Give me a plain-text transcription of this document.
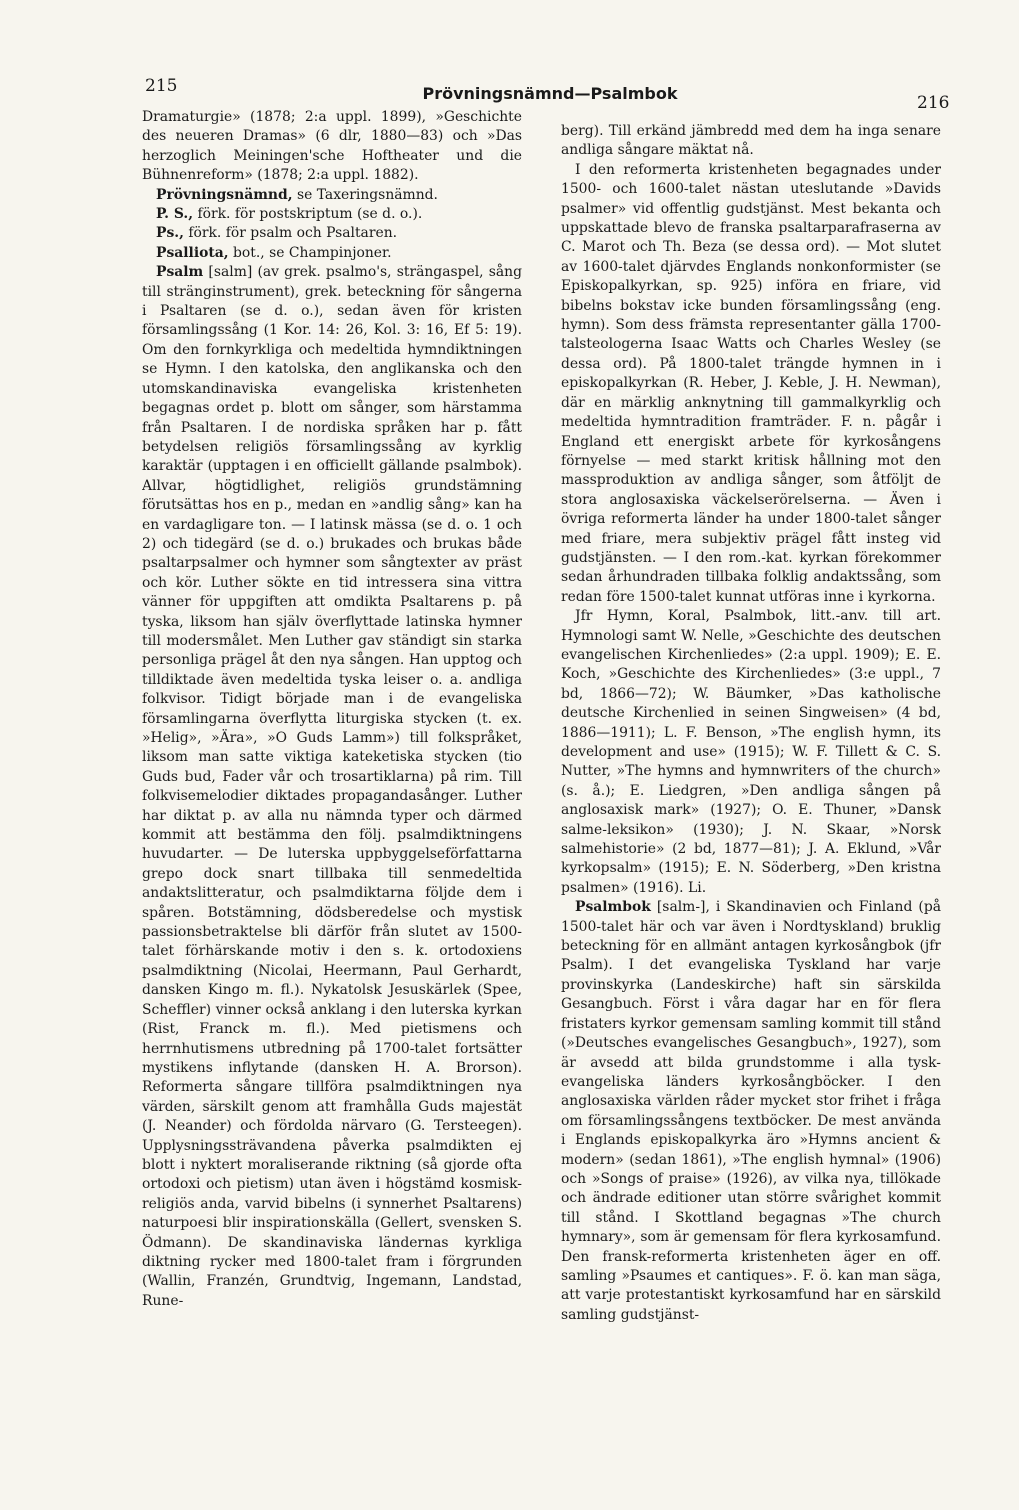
215	Prövningsnämnd—Psalmbok	216

Dramaturgie» (1878; 2:a uppl. 1899), »Geschichte des neueren Dramas» (6 dlr, 1880—83) och »Das herzoglich Meiningen'sche Hoftheater und die Bühnenreform» (1878; 2:a uppl. 1882).

Prövningsnämnd, se Taxeringsnämnd.

P. S., förk. för postskriptum (se d. o.).

Ps., förk. för psalm och Psaltaren.

Psalliota, bot., se Champinjoner.

Psalm [salm] (av grek. psalmo's, strängaspel, sång till stränginstrument), grek. beteckning för sångerna i Psaltaren (se d. o.), sedan även för kristen församlingssång (1 Kor. 14: 26, Kol. 3: 16, Ef 5: 19). Om den fornkyrkliga och medeltida hymndiktningen se Hymn. I den katolska, den anglikanska och den utomskandinaviska evangeliska kristenheten begagnas ordet p. blott om sånger, som härstamma från Psaltaren. I de nordiska språken har p. fått betydelsen religiös församlingssång av kyrklig karaktär (upptagen i en officiellt gällande psalmbok). Allvar, högtidlighet, religiös grundstämning förutsättas hos en p., medan en »andlig sång» kan ha en vardagligare ton. — I latinsk mässa (se d. o. 1 och 2) och tidegärd (se d. o.) brukades och brukas både psaltarpsalmer och hymner som sångtexter av präst och kör. Luther sökte en tid intressera sina vittra vänner för uppgiften att omdikta Psaltarens p. på tyska, liksom han själv överflyttade latinska hymner till modersmålet. Men Luther gav ständigt sin starka personliga prägel åt den nya sången. Han upptog och tilldiktade även medeltida tyska leiser o. a. andliga folkvisor. Tidigt började man i de evangeliska församlingarna överflytta liturgiska stycken (t. ex. »Helig», »Ära», »O Guds Lamm») till folkspråket, liksom man satte viktiga kateketiska stycken (tio Guds bud, Fader vår och trosartiklarna) på rim. Till folkvisemelodier diktades propagandasånger. Luther har diktat p. av alla nu nämnda typer och därmed kommit att bestämma den följ. psalmdiktningens huvudarter. — De luterska uppbyggelseförfattarna grepo dock snart tillbaka till senmedeltida andaktslitteratur, och psalmdiktarna följde dem i spåren. Botstämning, dödsberedelse och mystisk passionsbetraktelse bli därför från slutet av 1500-talet förhärskande motiv i den s. k. ortodoxiens psalmdiktning (Nicolai, Heermann, Paul Gerhardt, dansken Kingo m. fl.). Nykatolsk Jesuskärlek (Spee, Scheffler) vinner också anklang i den luterska kyrkan (Rist, Franck m. fl.). Med pietismens och herrnhutismens utbredning på 1700-talet fortsätter mystikens inflytande (dansken H. A. Brorson). Reformerta sångare tillföra psalmdiktningen nya värden, särskilt genom att framhålla Guds majestät (J. Neander) och fördolda närvaro (G. Tersteegen). Upplysningssträvandena påverka psalmdikten ej blott i nyktert moraliserande riktning (så gjorde ofta ortodoxi och pietism) utan även i högstämd kosmisk-religiös anda, varvid bibelns (i synnerhet Psaltarens) naturpoesi blir inspirationskälla (Gellert, svensken S. Ödmann). De skandinaviska ländernas kyrkliga diktning rycker med 1800-talet fram i förgrunden (Wallin, Franzén, Grundtvig, Ingemann, Landstad, Rune-

berg). Till erkänd jämbredd med dem ha inga senare andliga sångare mäktat nå.

I den reformerta kristenheten begagnades under 1500- och 1600-talet nästan uteslutande »Davids psalmer» vid offentlig gudstjänst. Mest bekanta och uppskattade blevo de franska psaltarparafraserna av C. Marot och Th. Beza (se dessa ord). — Mot slutet av 1600-talet djärvdes Englands nonkonformister (se Episkopalkyrkan, sp. 925) införa en friare, vid bibelns bokstav icke bunden församlingssång (eng. hymn). Som dess främsta representanter gälla 1700-talsteologerna Isaac Watts och Charles Wesley (se dessa ord). På 1800-talet trängde hymnen in i episkopalkyrkan (R. Heber, J. Keble, J. H. Newman), där en märklig anknytning till gammalkyrklig och medeltida hymntradition framträder. F. n. pågår i England ett energiskt arbete för kyrkosångens förnyelse — med starkt kritisk hållning mot den massproduktion av andliga sånger, som åtföljt de stora anglosaxiska väckelserörelserna. — Även i övriga reformerta länder ha under 1800-talet sånger med friare, mera subjektiv prägel fått insteg vid gudstjänsten. — I den rom.-kat. kyrkan förekommer sedan århundraden tillbaka folklig andaktssång, som redan före 1500-talet kunnat utföras inne i kyrkorna.

Jfr Hymn, Koral, Psalmbok, litt.-anv. till art. Hymnologi samt W. Nelle, »Geschichte des deutschen evangelischen Kirchenliedes» (2:a uppl. 1909); E. E. Koch, »Geschichte des Kirchenliedes» (3:e uppl., 7 bd, 1866—72); W. Bäumker, »Das katholische deutsche Kirchenlied in seinen Singweisen» (4 bd, 1886—1911); L. F. Benson, »The english hymn, its development and use» (1915); W. F. Tillett & C. S. Nutter, »The hymns and hymnwriters of the church» (s. å.); E. Liedgren, »Den andliga sången på anglosaxisk mark» (1927); O. E. Thuner, »Dansk salme-leksikon» (1930); J. N. Skaar, »Norsk salmehistorie» (2 bd, 1877—81); J. A. Eklund, »Vår kyrkopsalm» (1915); E. N. Söderberg, »Den kristna psalmen» (1916). Li.

Psalmbok [salm-], i Skandinavien och Finland (på 1500-talet här och var även i Nordtyskland) bruklig beteckning för en allmänt antagen kyrkosångbok (jfr Psalm). I det evangeliska Tyskland har varje provinskyrka (Landeskirche) haft sin särskilda Gesangbuch. Först i våra dagar har en för flera fristaters kyrkor gemensam samling kommit till stånd (»Deutsches evangelisches Gesangbuch», 1927), som är avsedd att bilda grundstomme i alla tysk-evangeliska länders kyrkosångböcker. I den anglosaxiska världen råder mycket stor frihet i fråga om församlingssångens textböcker. De mest använda i Englands episkopalkyrka äro »Hymns ancient & modern» (sedan 1861), »The english hymnal» (1906) och »Songs of praise» (1926), av vilka nya, tillökade och ändrade editioner utan större svårighet kommit till stånd. I Skottland begagnas »The church hymnary», som är gemensam för flera kyrkosamfund. Den fransk-reformerta kristenheten äger en off. samling »Psaumes et cantiques». F. ö. kan man säga, att varje protestantiskt kyrkosamfund har en särskild samling gudstjänst-
